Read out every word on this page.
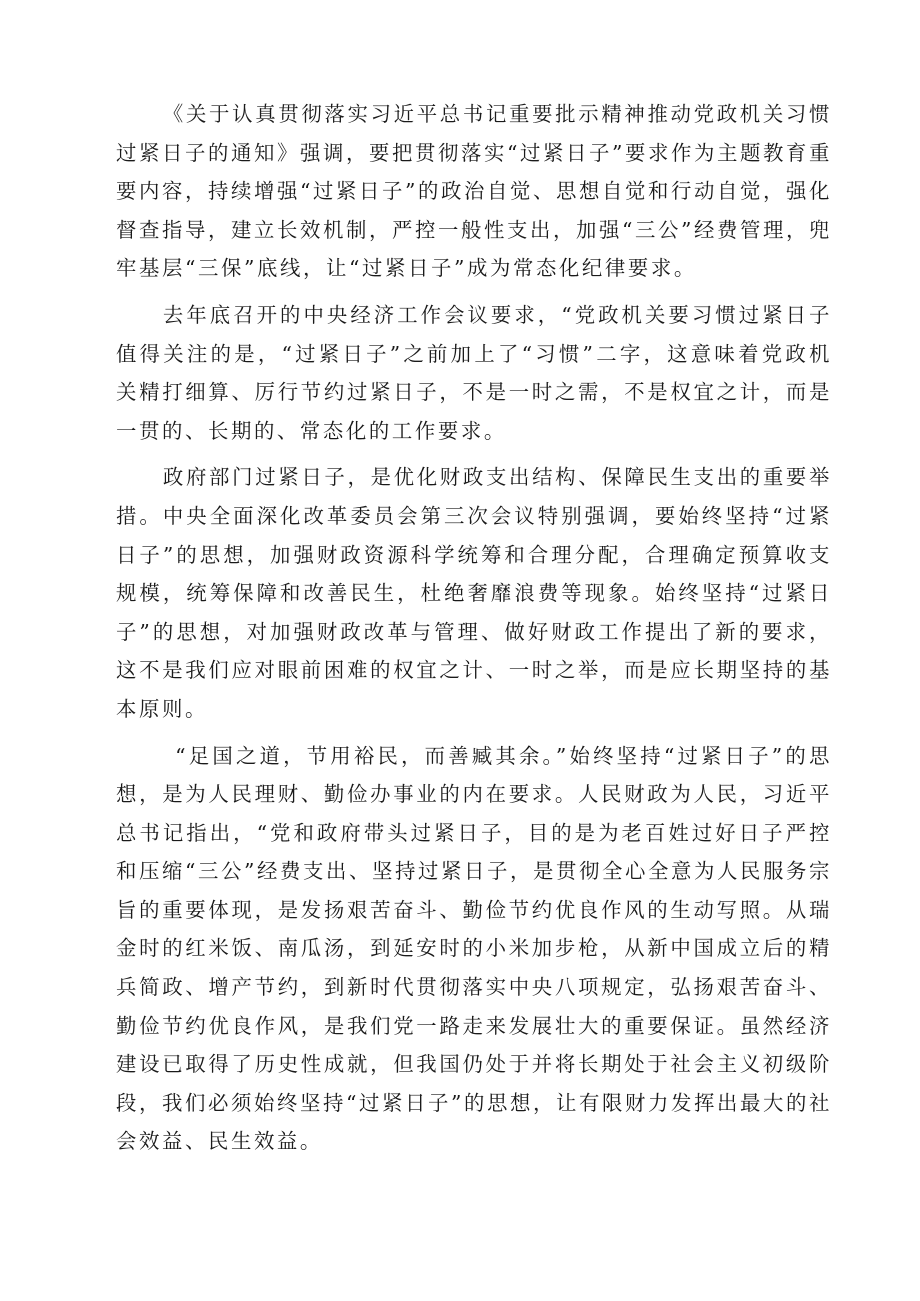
《关于认真贯彻落实习近平总书记重要批示精神推动党政机关习惯过紧日子的通知》强调，要把贯彻落实“过紧日子”要求作为主题教育重要内容，持续增强“过紧日子”的政治自觉、思想自觉和行动自觉，强化督查指导，建立长效机制，严控一般性支出，加强“三公”经费管理，兜牢基层“三保”底线，让“过紧日子”成为常态化纪律要求。

去年底召开的中央经济工作会议要求，“党政机关要习惯过紧日子值得关注的是，“过紧日子”之前加上了“习惯”二字，这意味着党政机关精打细算、厉行节约过紧日子，不是一时之需，不是权宜之计，而是一贯的、长期的、常态化的工作要求。

政府部门过紧日子，是优化财政支出结构、保障民生支出的重要举措。中央全面深化改革委员会第三次会议特别强调，要始终坚持“过紧日子”的思想，加强财政资源科学统筹和合理分配，合理确定预算收支规模，统筹保障和改善民生，杜绝奢靡浪费等现象。始终坚持“过紧日子”的思想，对加强财政改革与管理、做好财政工作提出了新的要求，这不是我们应对眼前困难的权宜之计、一时之举，而是应长期坚持的基本原则。

“足国之道，节用裕民，而善臧其余。”始终坚持“过紧日子”的思想，是为人民理财、勤俭办事业的内在要求。人民财政为人民，习近平总书记指出，“党和政府带头过紧日子，目的是为老百姓过好日子严控和压缩“三公”经费支出、坚持过紧日子，是贯彻全心全意为人民服务宗旨的重要体现，是发扬艰苦奋斗、勤俭节约优良作风的生动写照。从瑞金时的红米饭、南瓜汤，到延安时的小米加步枪，从新中国成立后的精兵简政、增产节约，到新时代贯彻落实中央八项规定，弘扬艰苦奋斗、勤俭节约优良作风，是我们党一路走来发展壮大的重要保证。虽然经济建设已取得了历史性成就，但我国仍处于并将长期处于社会主义初级阶段，我们必须始终坚持“过紧日子”的思想，让有限财力发挥出最大的社会效益、民生效益。
